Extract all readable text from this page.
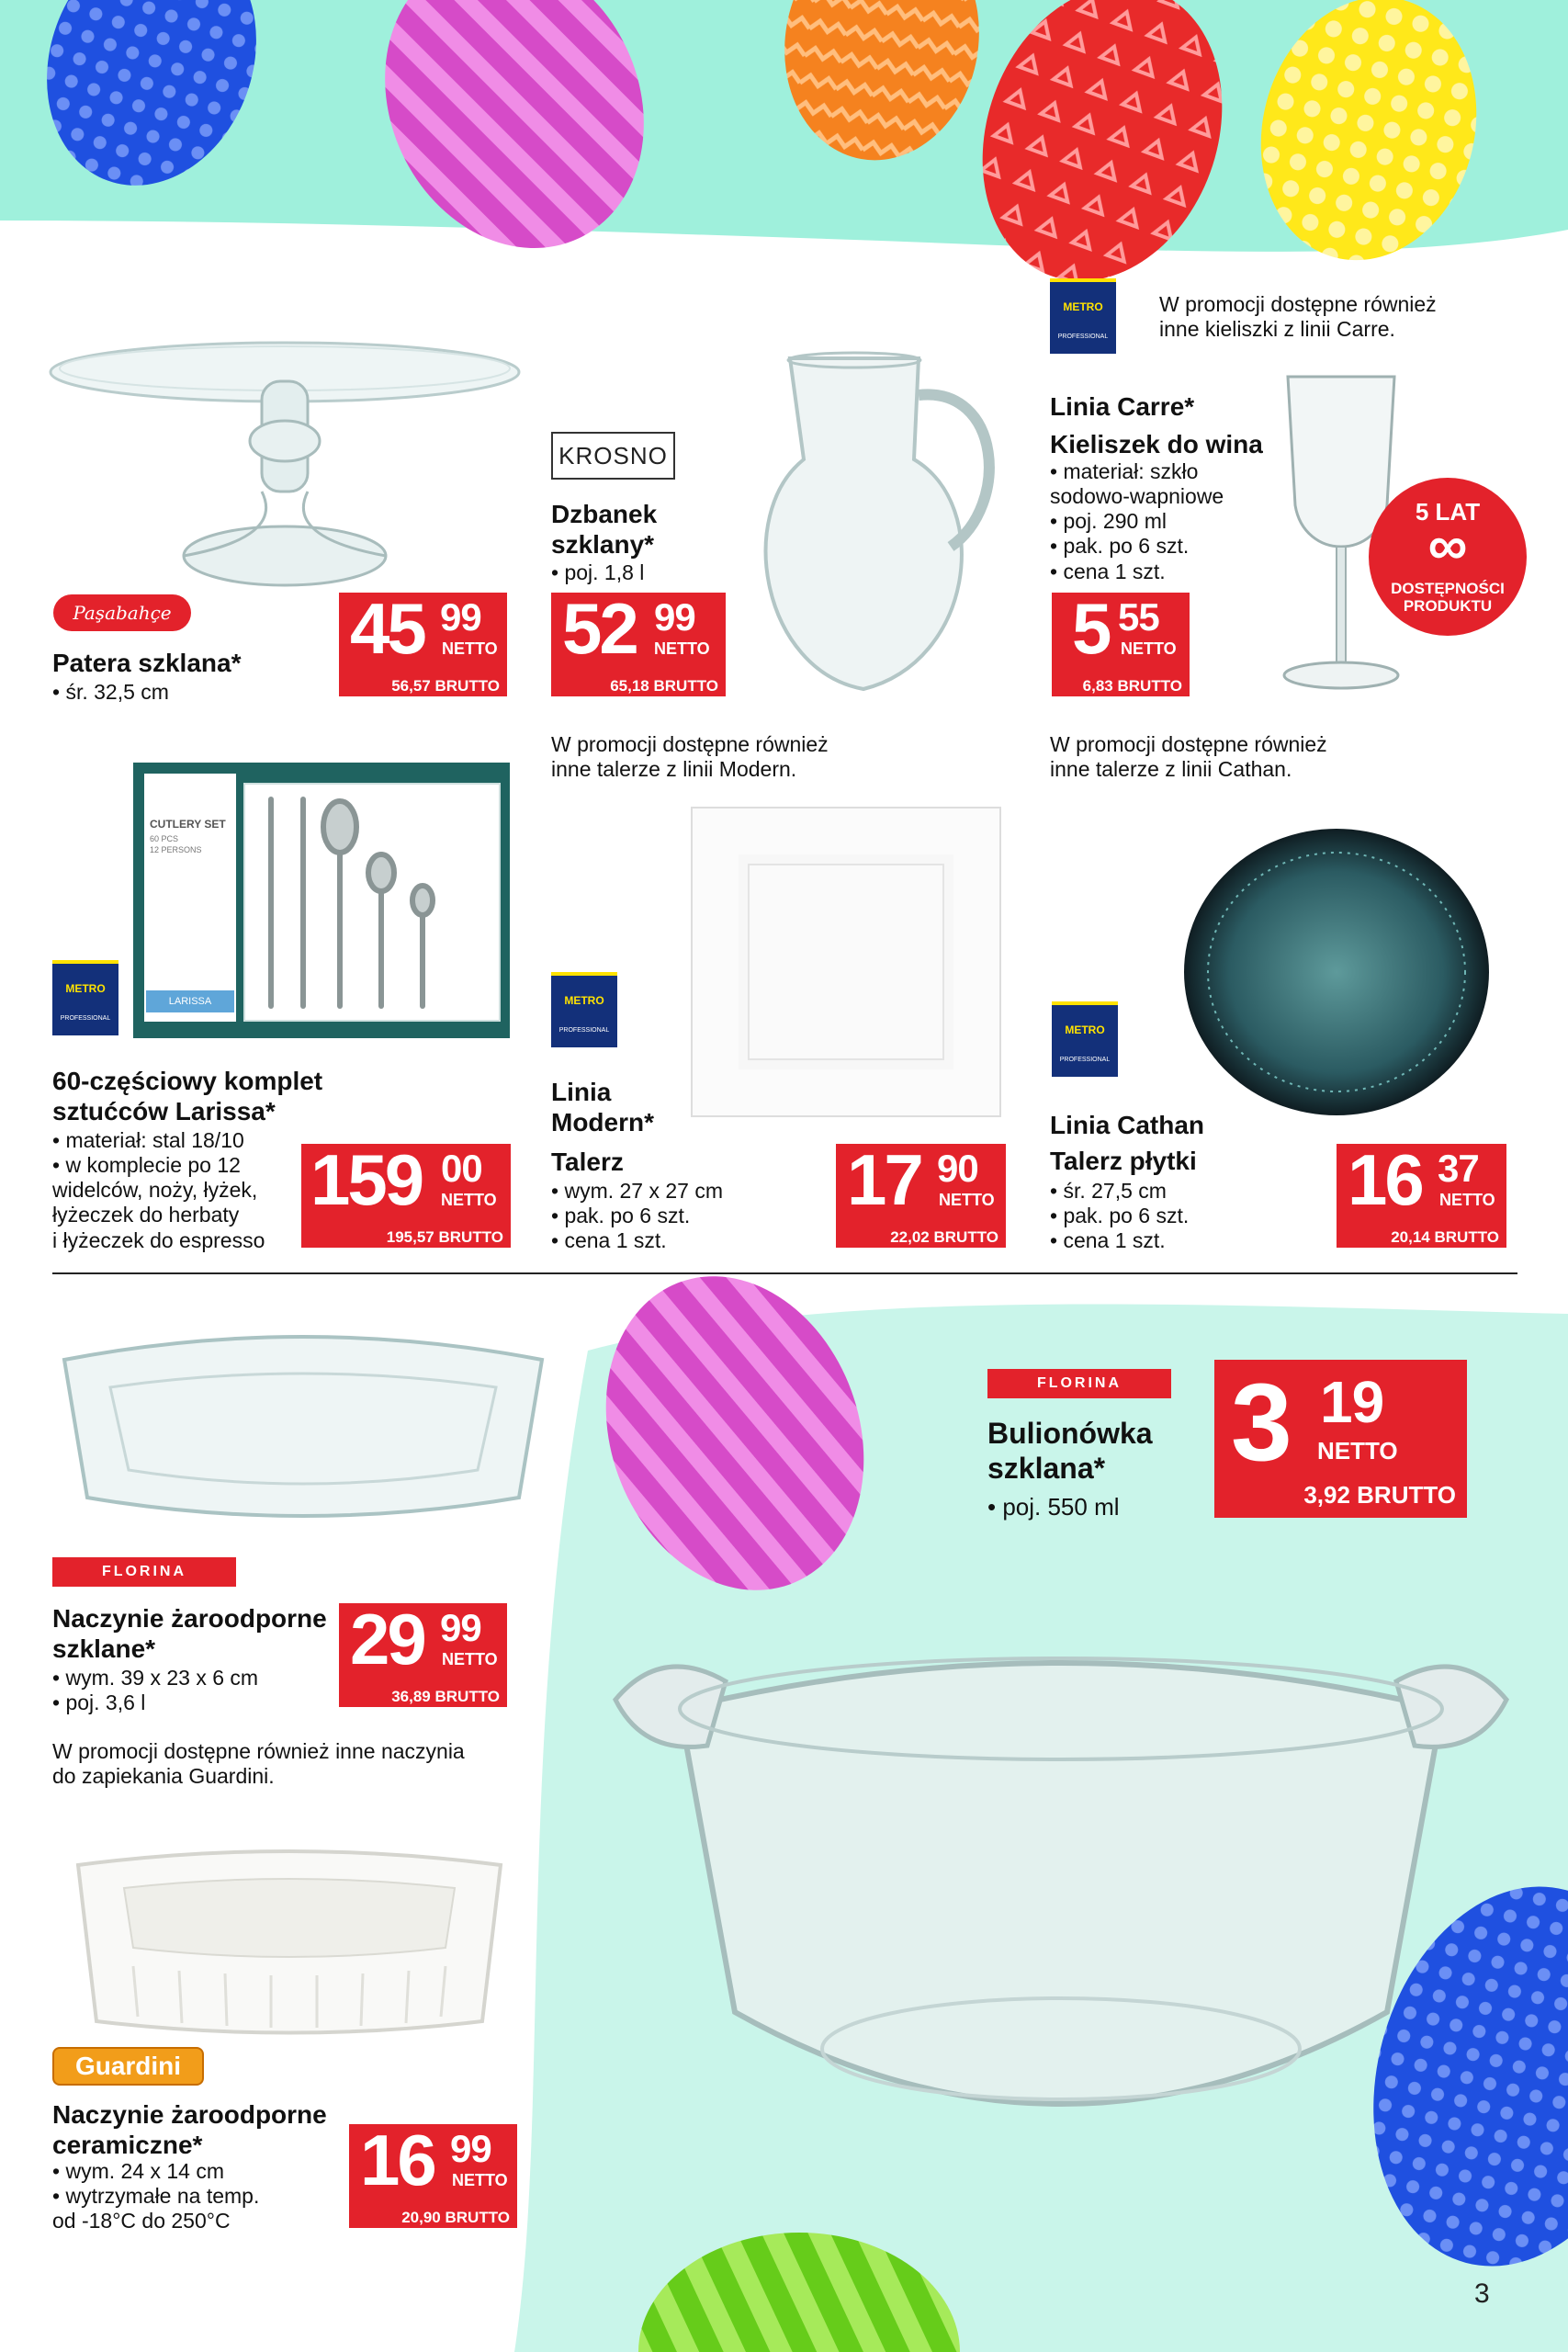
5 LAT
∞
DOSTĘPNOŚCI
PRODUKTU
CUTLERY SET
60 PCS
12 PERSONS
LARISSA
Paşabahçe
Patera szklana*
• śr. 32,5 cm
45 99
NETTO
56,57 BRUTTO
KROSNO
Dzbanek
szklany*
• poj. 1,8 l
52 99
NETTO
65,18 BRUTTO
METRO
PROFESSIONAL
W promocji dostępne również
inne kieliszki z linii Carre.
Linia Carre*
Kieliszek do wina
• materiał: szkło
sodowo-wapniowe
• poj. 290 ml
• pak. po 6 szt.
• cena 1 szt.
5 55
NETTO
6,83 BRUTTO
METRO
PROFESSIONAL
60-częściowy komplet
sztućców Larissa*
• materiał: stal 18/10
• w komplecie po 12
widelców, noży, łyżek,
łyżeczek do herbaty
i łyżeczek do espresso
159 00
NETTO
195,57 BRUTTO
W promocji dostępne również
inne talerze z linii Modern.
METRO
PROFESSIONAL
Linia
Modern*
Talerz
• wym. 27 x 27 cm
• pak. po 6 szt.
• cena 1 szt.
17 90
NETTO
22,02 BRUTTO
W promocji dostępne również
inne talerze z linii Cathan.
METRO
PROFESSIONAL
Linia Cathan
Talerz płytki
• śr. 27,5 cm
• pak. po 6 szt.
• cena 1 szt.
16 37
NETTO
20,14 BRUTTO
FLORINA
Naczynie żaroodporne
szklane*
• wym. 39 x 23 x 6 cm
• poj. 3,6 l
29 99
NETTO
36,89 BRUTTO
W promocji dostępne również inne naczynia
do zapiekania Guardini.
Guardini
Naczynie żaroodporne
ceramiczne*
• wym. 24 x 14 cm
• wytrzymałe na temp.
od -18°C do 250°C
16 99
NETTO
20,90 BRUTTO
FLORINA
Bulionówka
szklana*
• poj. 550 ml
3 19
NETTO
3,92 BRUTTO
3
